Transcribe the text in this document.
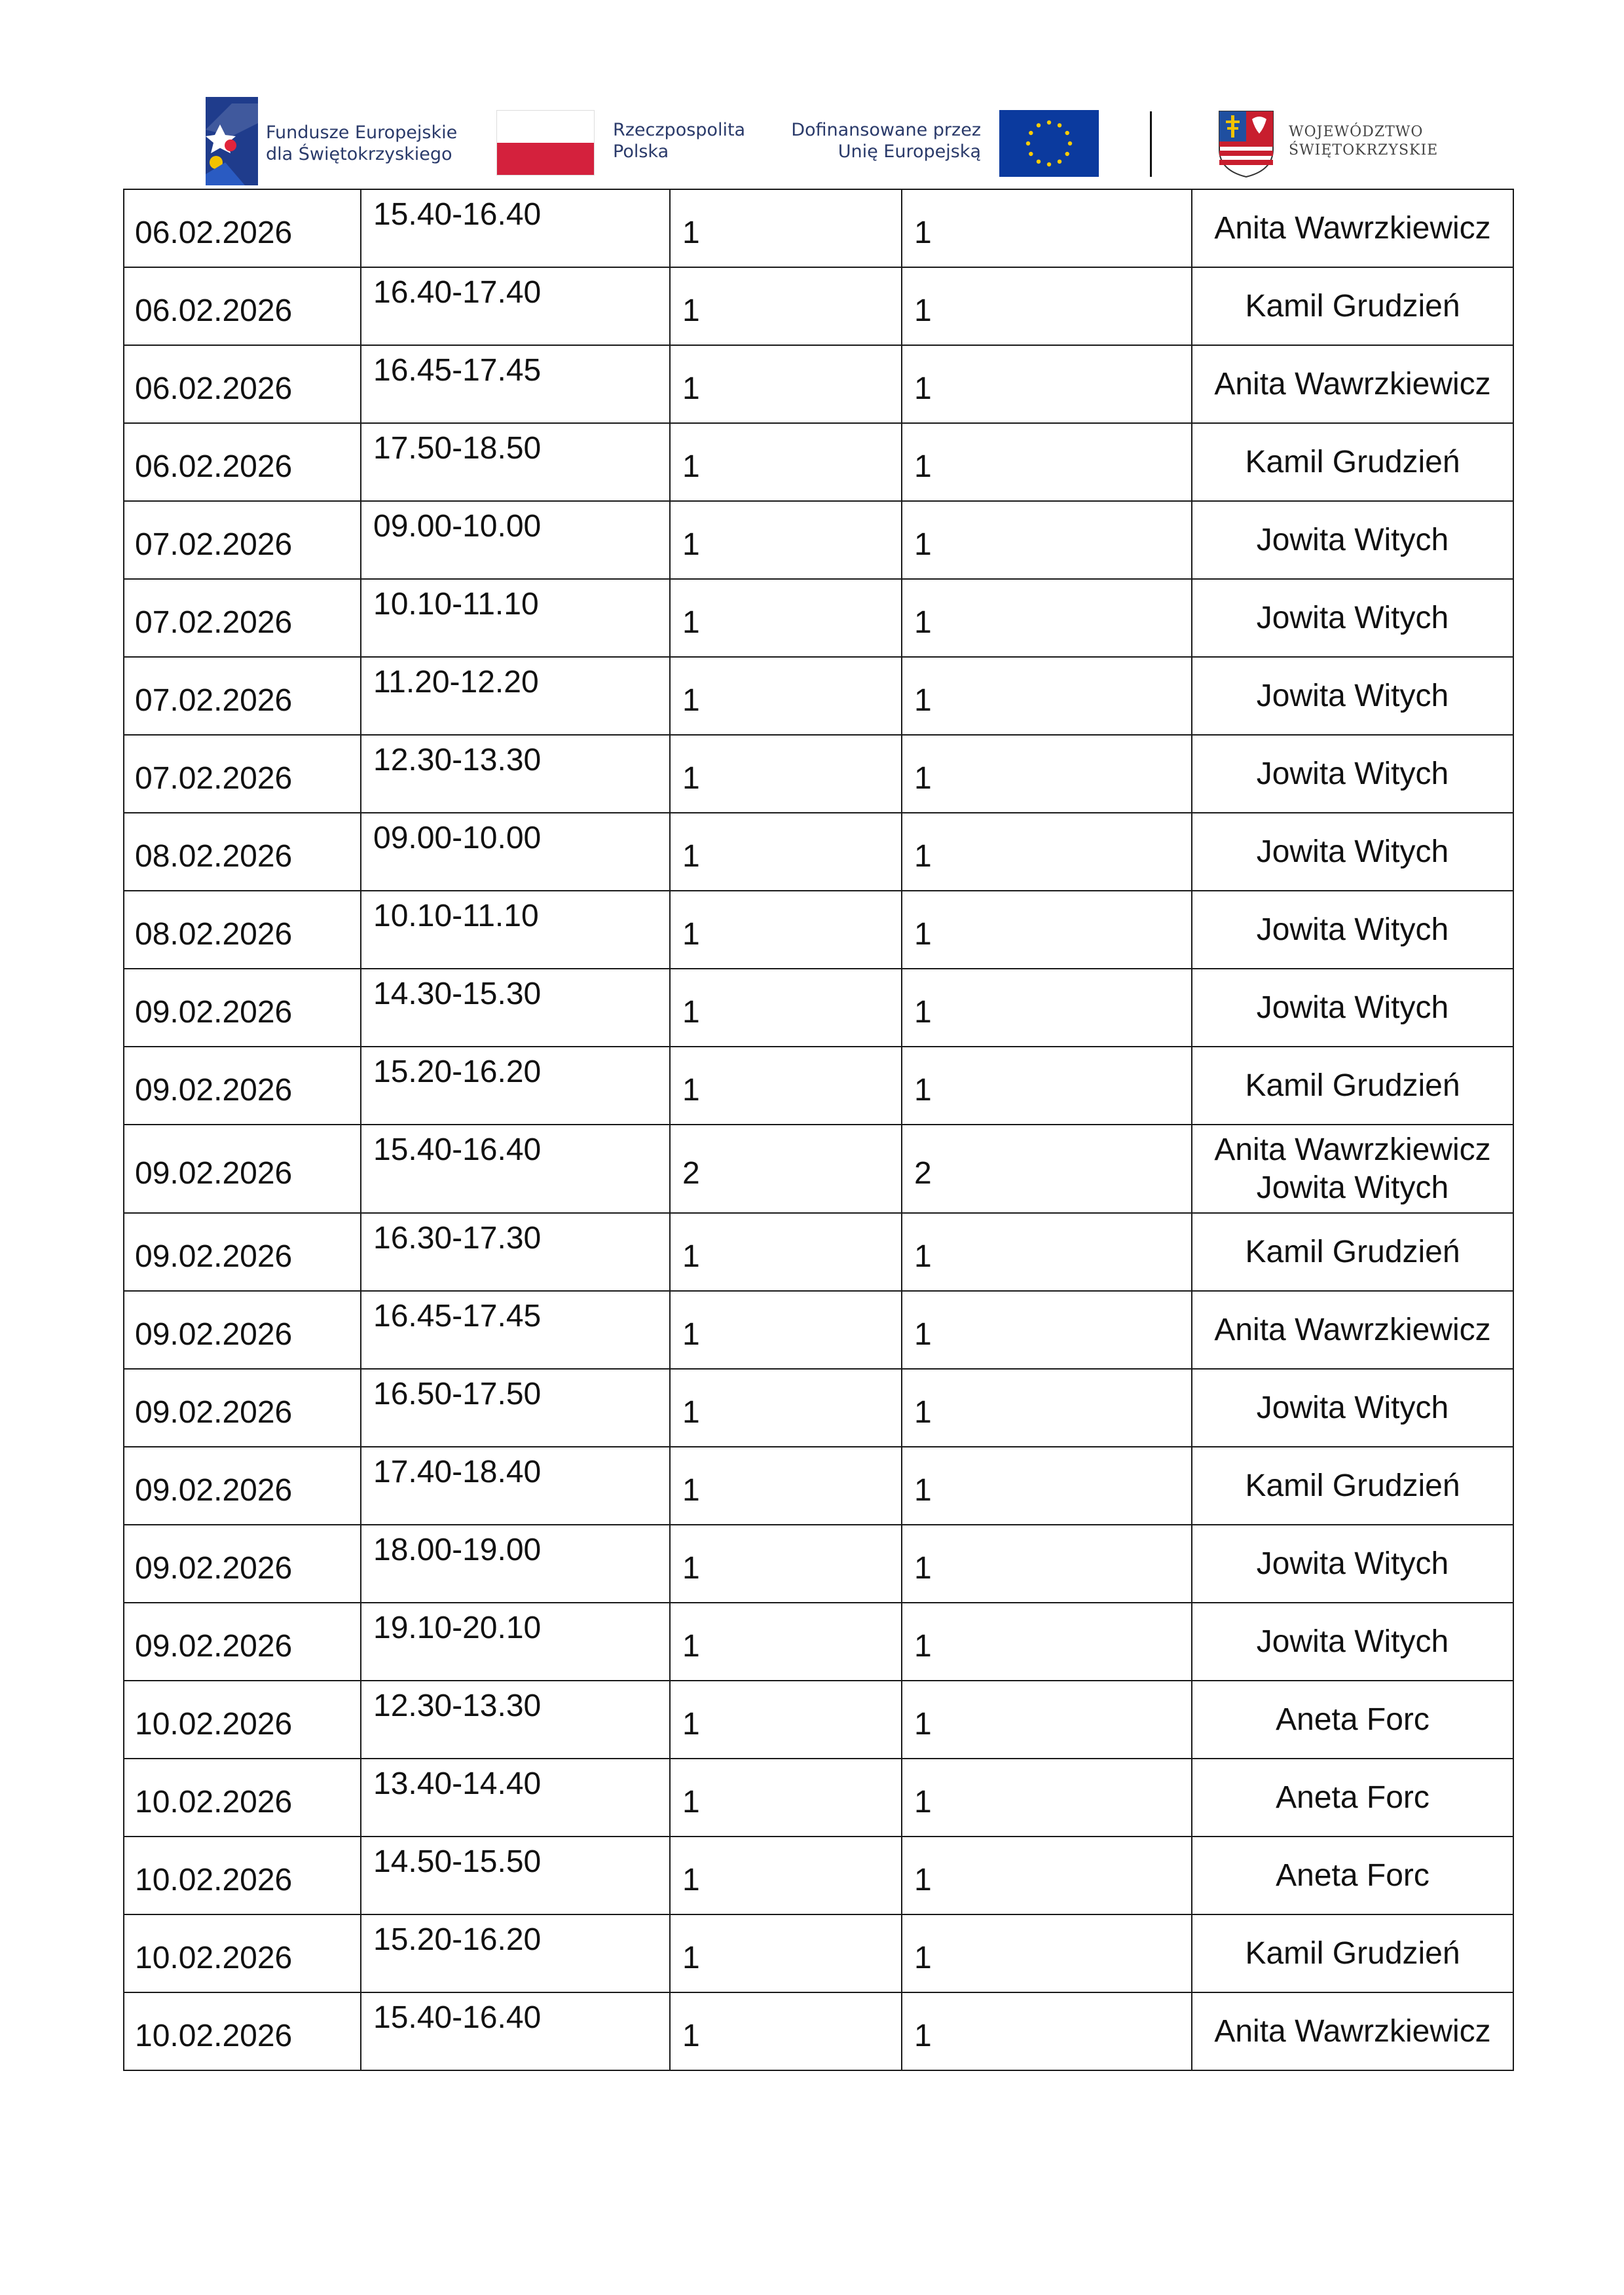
Fundusze Europejskie
dla Świętokrzyskiego
Rzeczpospolita
Polska
Dofinansowane przez
Unię Europejską
WOJEWÓDZTWO
ŚWIĘTOKRZYSKIE
06.02.2026	15.40-16.40	1	1	Anita Wawrzkiewicz

06.02.2026	16.40-17.40	1	1	Kamil Grudzień

06.02.2026	16.45-17.45	1	1	Anita Wawrzkiewicz

06.02.2026	17.50-18.50	1	1	Kamil Grudzień

07.02.2026	09.00-10.00	1	1	Jowita Witych

07.02.2026	10.10-11.10	1	1	Jowita Witych

07.02.2026	11.20-12.20	1	1	Jowita Witych

07.02.2026	12.30-13.30	1	1	Jowita Witych

08.02.2026	09.00-10.00	1	1	Jowita Witych

08.02.2026	10.10-11.10	1	1	Jowita Witych

09.02.2026	14.30-15.30	1	1	Jowita Witych

09.02.2026	15.20-16.20	1	1	Kamil Grudzień

09.02.2026	15.40-16.40	2	2	Anita Wawrzkiewicz
Jowita Witych

09.02.2026	16.30-17.30	1	1	Kamil Grudzień

09.02.2026	16.45-17.45	1	1	Anita Wawrzkiewicz

09.02.2026	16.50-17.50	1	1	Jowita Witych

09.02.2026	17.40-18.40	1	1	Kamil Grudzień

09.02.2026	18.00-19.00	1	1	Jowita Witych

09.02.2026	19.10-20.10	1	1	Jowita Witych

10.02.2026	12.30-13.30	1	1	Aneta Forc

10.02.2026	13.40-14.40	1	1	Aneta Forc

10.02.2026	14.50-15.50	1	1	Aneta Forc

10.02.2026	15.20-16.20	1	1	Kamil Grudzień

10.02.2026	15.40-16.40	1	1	Anita Wawrzkiewicz
